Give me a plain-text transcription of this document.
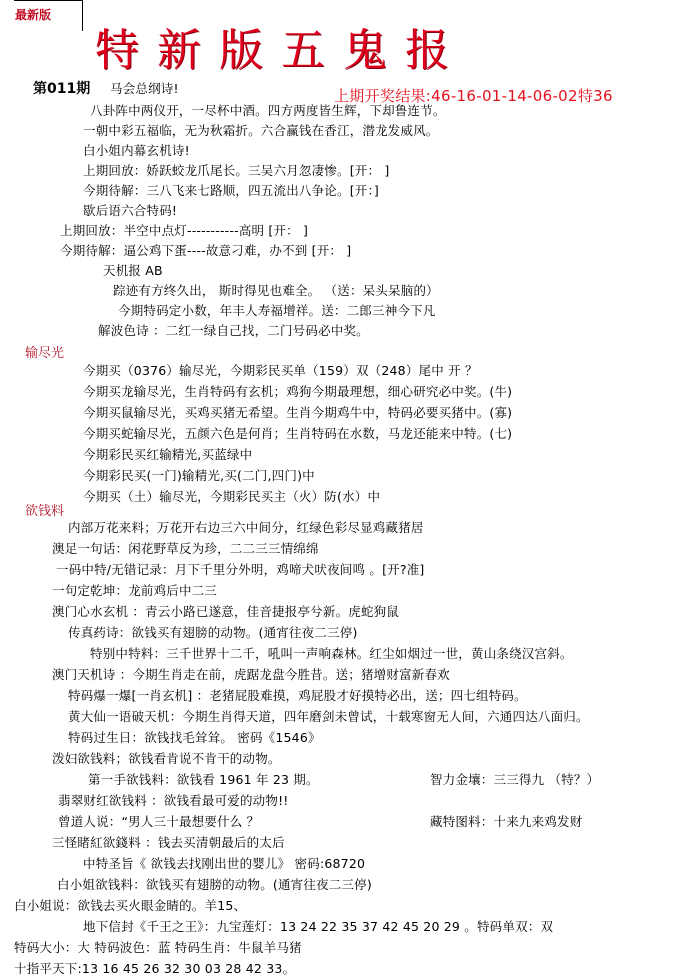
最新版
特新版五鬼报
第011期	上期开奖结果:46-16-01-14-06-02特36
马会总纲诗!
八卦阵中两仪开，一尽杯中酒。四方两度皆生辉，下却鲁连节。
一朝中彩五福临，无为秋霜折。六合赢钱在香江，潜龙发威风。
白小姐内幕玄机诗!
上期回放：娇跃蛟龙爪尾长。三吴六月忽凄惨。[开： ]
今期待解：三八飞来七路顺，四五流出八争论。[开：]
歇后语六合特码!
上期回放：半空中点灯-----------高明 [开： ]
今期待解：逼公鸡下蛋----故意刁难，办不到 [开： ]
天机报 AB
踪迹有方终久出， 斯时得见也难全。 （送：呆头呆脑的）
今期特码定小数，年丰人寿福增祥。送：二郎三神今下凡
解波色诗 ：二红一绿自己找，二门号码必中奖。
输尽光
今期买（0376）输尽光，今期彩民买单（159）双（248）尾中 开 ？
今期买龙输尽光，生肖特码有玄机；鸡狗今期最理想，细心研究必中奖。(牛)
今期买鼠输尽光，买鸡买猪无希望。生肖今期鸡牛中，特码必要买猪中。(寡)
今期买蛇输尽光，五颜六色是何肖；生肖特码在水数，马龙还能来中特。(七)
今期彩民买红输精光,买蓝绿中
今期彩民买(一门)输精光,买(二门,四门)中
今期买（土）输尽光，今期彩民买主（火）防(水）中
欲钱料
内部万花来料；万花开右边三六中间分，红绿色彩尽显鸡藏猪居
澳足一句话：闲花野草反为珍，二二三三情绵绵
一码中特/无错记录：月下千里分外明，鸡啼犬吠夜间鸣 。[开?准]
一句定乾坤：龙前鸡后中二三
澳门心水玄机 ：青云小路已遂意，佳音捷报亭兮新。虎蛇狗鼠
传真药诗：欲钱买有翅膀的动物。(通宵往夜二三停)
特别中特料：三千世界十二千，吼叫一声响森林。红尘如烟过一世，黄山条绕汉宫斜。
澳门天机诗 ：今期生肖走在前，虎踞龙盘今胜昔。送；猪增财富新春欢
特码爆一爆[一肖玄机] ：老猪屁股难摸，鸡屁股才好摸特必出，送；四七组特码。
黄大仙一语破天机：今期生肖得天道，四年磨剑未曾试，十载寒窗无人间，六通四达八面归。
特码过生日：欲钱找毛耸耸。 密码《1546》
泼妇欲钱料；欲钱看肯说不肯干的动物。
第一手欲钱料：欲钱看 1961 年 23 期。	智力金壤：三三得九 （特？）
翡翠财红欲钱料 ：欲钱看最可爱的动物!!
曾道人说：“男人三十最想要什么 ？	藏特图料：十来九来鸡发财
三怪睹紅欲錢料 ：钱去买清朝最后的太后
中特圣旨《 欲钱去找刚出世的婴儿》 密码:68720
白小姐欲钱料：欲钱买有翅膀的动物。(通宵往夜二三停)
白小姐说：欲钱去买火眼金睛的。羊15、
地下信封《千王之王》：九宝莲灯：13 24 22 35 37 42 45 20 29 。特码单双：双
特码大小：大 特码波色：蓝 特码生肖：牛鼠羊马猪
十指平天下:13 16 45 26 32 30 03 28 42 33。
